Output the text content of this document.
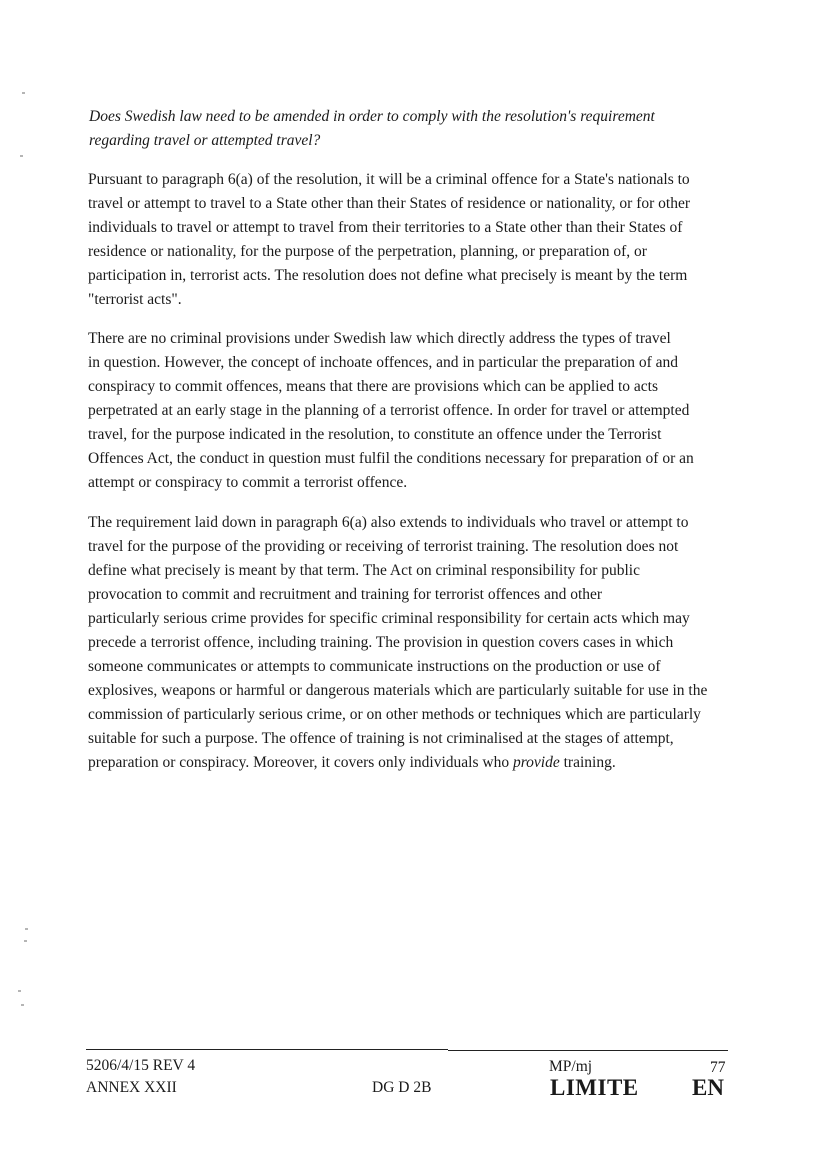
Does Swedish law need to be amended in order to comply with the resolution's requirement
regarding travel or attempted travel?
Pursuant to paragraph 6(a) of the resolution, it will be a criminal offence for a State's nationals to
travel or attempt to travel to a State other than their States of residence or nationality, or for other
individuals to travel or attempt to travel from their territories to a State other than their States of
residence or nationality, for the purpose of the perpetration, planning, or preparation of, or
participation in, terrorist acts. The resolution does not define what precisely is meant by the term
"terrorist acts".
There are no criminal provisions under Swedish law which directly address the types of travel
in question. However, the concept of inchoate offences, and in particular the preparation of and
conspiracy to commit offences, means that there are provisions which can be applied to acts
perpetrated at an early stage in the planning of a terrorist offence. In order for travel or attempted
travel, for the purpose indicated in the resolution, to constitute an offence under the Terrorist
Offences Act, the conduct in question must fulfil the conditions necessary for preparation of or an
attempt or conspiracy to commit a terrorist offence.
The requirement laid down in paragraph 6(a) also extends to individuals who travel or attempt to
travel for the purpose of the providing or receiving of terrorist training. The resolution does not
define what precisely is meant by that term. The Act on criminal responsibility for public
provocation to commit and recruitment and training for terrorist offences and other
particularly serious crime provides for specific criminal responsibility for certain acts which may
precede a terrorist offence, including training. The provision in question covers cases in which
someone communicates or attempts to communicate instructions on the production or use of
explosives, weapons or harmful or dangerous materials which are particularly suitable for use in the
commission of particularly serious crime, or on other methods or techniques which are particularly
suitable for such a purpose. The offence of training is not criminalised at the stages of attempt,
preparation or conspiracy. Moreover, it covers only individuals who provide training.
5206/4/15 REV 4
ANNEX XXII	DG D 2B
MP/mj	77
LIMITE EN
